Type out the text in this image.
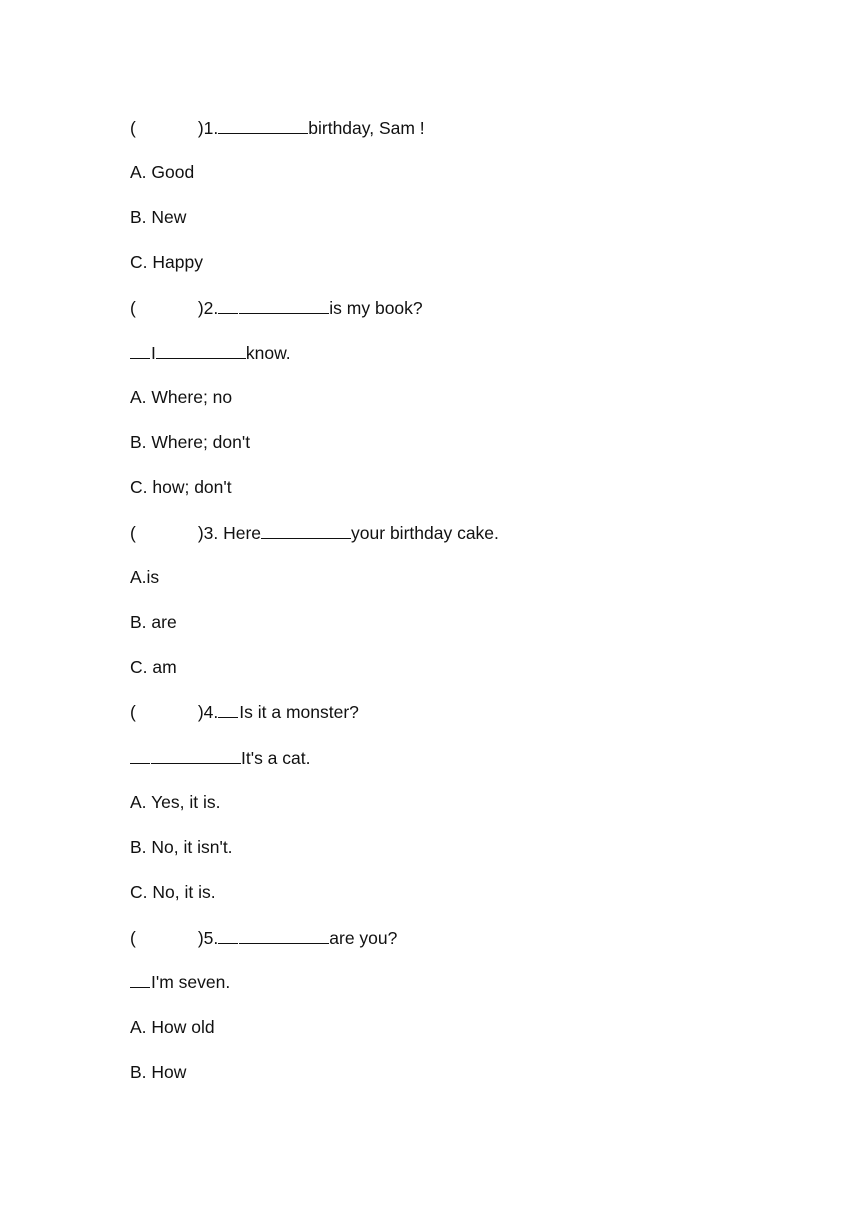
(	)1.	birthday, Sam !
A. Good
B. New
C. Happy
(	)2.	is my book?
I	know.
A. Where; no
B. Where; don't
C. how; don't
(	)3. Here	your birthday cake.
A.is
B. are
C. am
(	)4. Is it a monster?
It's a cat.
A. Yes, it is.
B. No, it isn't.
C. No, it is.
(	)5.	are you?
I'm seven.
A. How old
B. How
